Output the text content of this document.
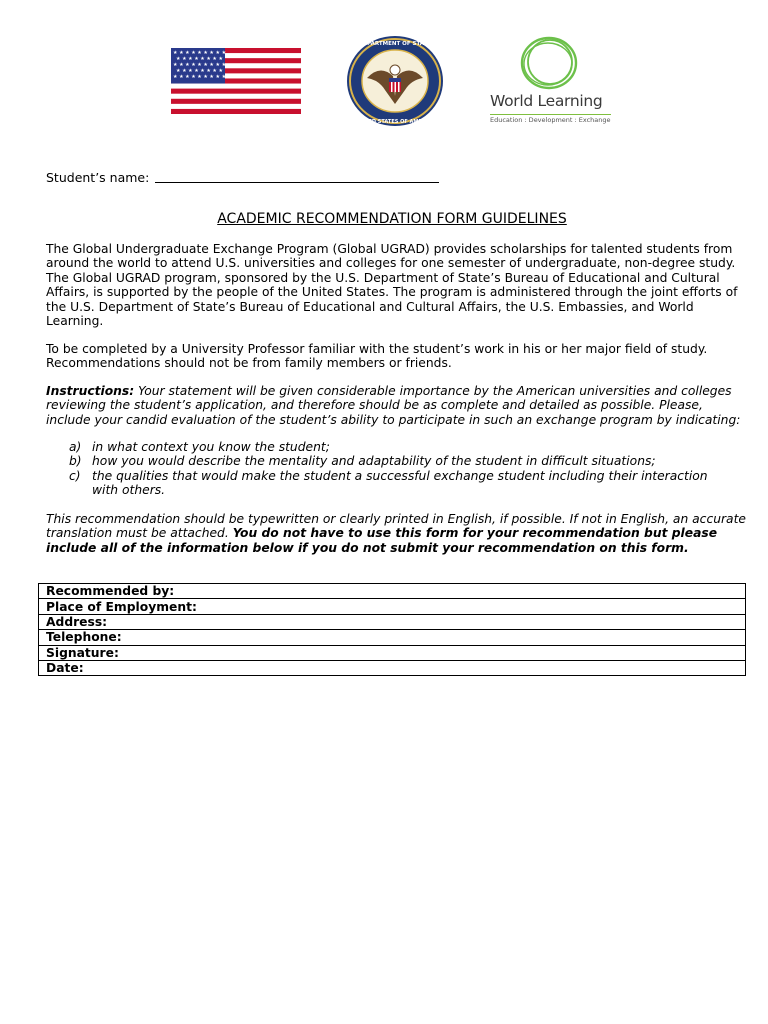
★ ★ ★ ★ ★ ★ ★ ★ ★
★ ★ ★ ★ ★ ★ ★ ★
★ ★ ★ ★ ★ ★ ★ ★ ★
★ ★ ★ ★ ★ ★ ★ ★
★ ★ ★ ★ ★ ★ ★ ★ ★
DEPARTMENT OF STATE
UNITED STATES OF AMERICA
World Learning
Education : Development : Exchange
Student’s name:
ACADEMIC RECOMMENDATION FORM GUIDELINES

The Global Undergraduate Exchange Program (Global UGRAD) provides scholarships for talented students from around the world to attend U.S. universities and colleges for one semester of undergraduate, non-degree study. The Global UGRAD program, sponsored by the U.S. Department of State’s Bureau of Educational and Cultural Affairs, is supported by the people of the United States. The program is administered through the joint efforts of the U.S. Department of State’s Bureau of Educational and Cultural Affairs, the U.S. Embassies, and World Learning.

To be completed by a University Professor familiar with the student’s work in his or her major field of study. Recommendations should not be from family members or friends.

Instructions: Your statement will be given considerable importance by the American universities and colleges reviewing the student’s application, and therefore should be as complete and detailed as possible. Please, include your candid evaluation of the student’s ability to participate in such an exchange program by indicating:

a) in what context you know the student;
b) how you would describe the mentality and adaptability of the student in difficult situations;
c) the qualities that would make the student a successful exchange student including their interaction with others.

This recommendation should be typewritten or clearly printed in English, if possible. If not in English, an accurate translation must be attached. You do not have to use this form for your recommendation but please include all of the information below if you do not submit your recommendation on this form.

Recommended by:
Place of Employment:
Address:
Telephone:
Signature:
Date:
